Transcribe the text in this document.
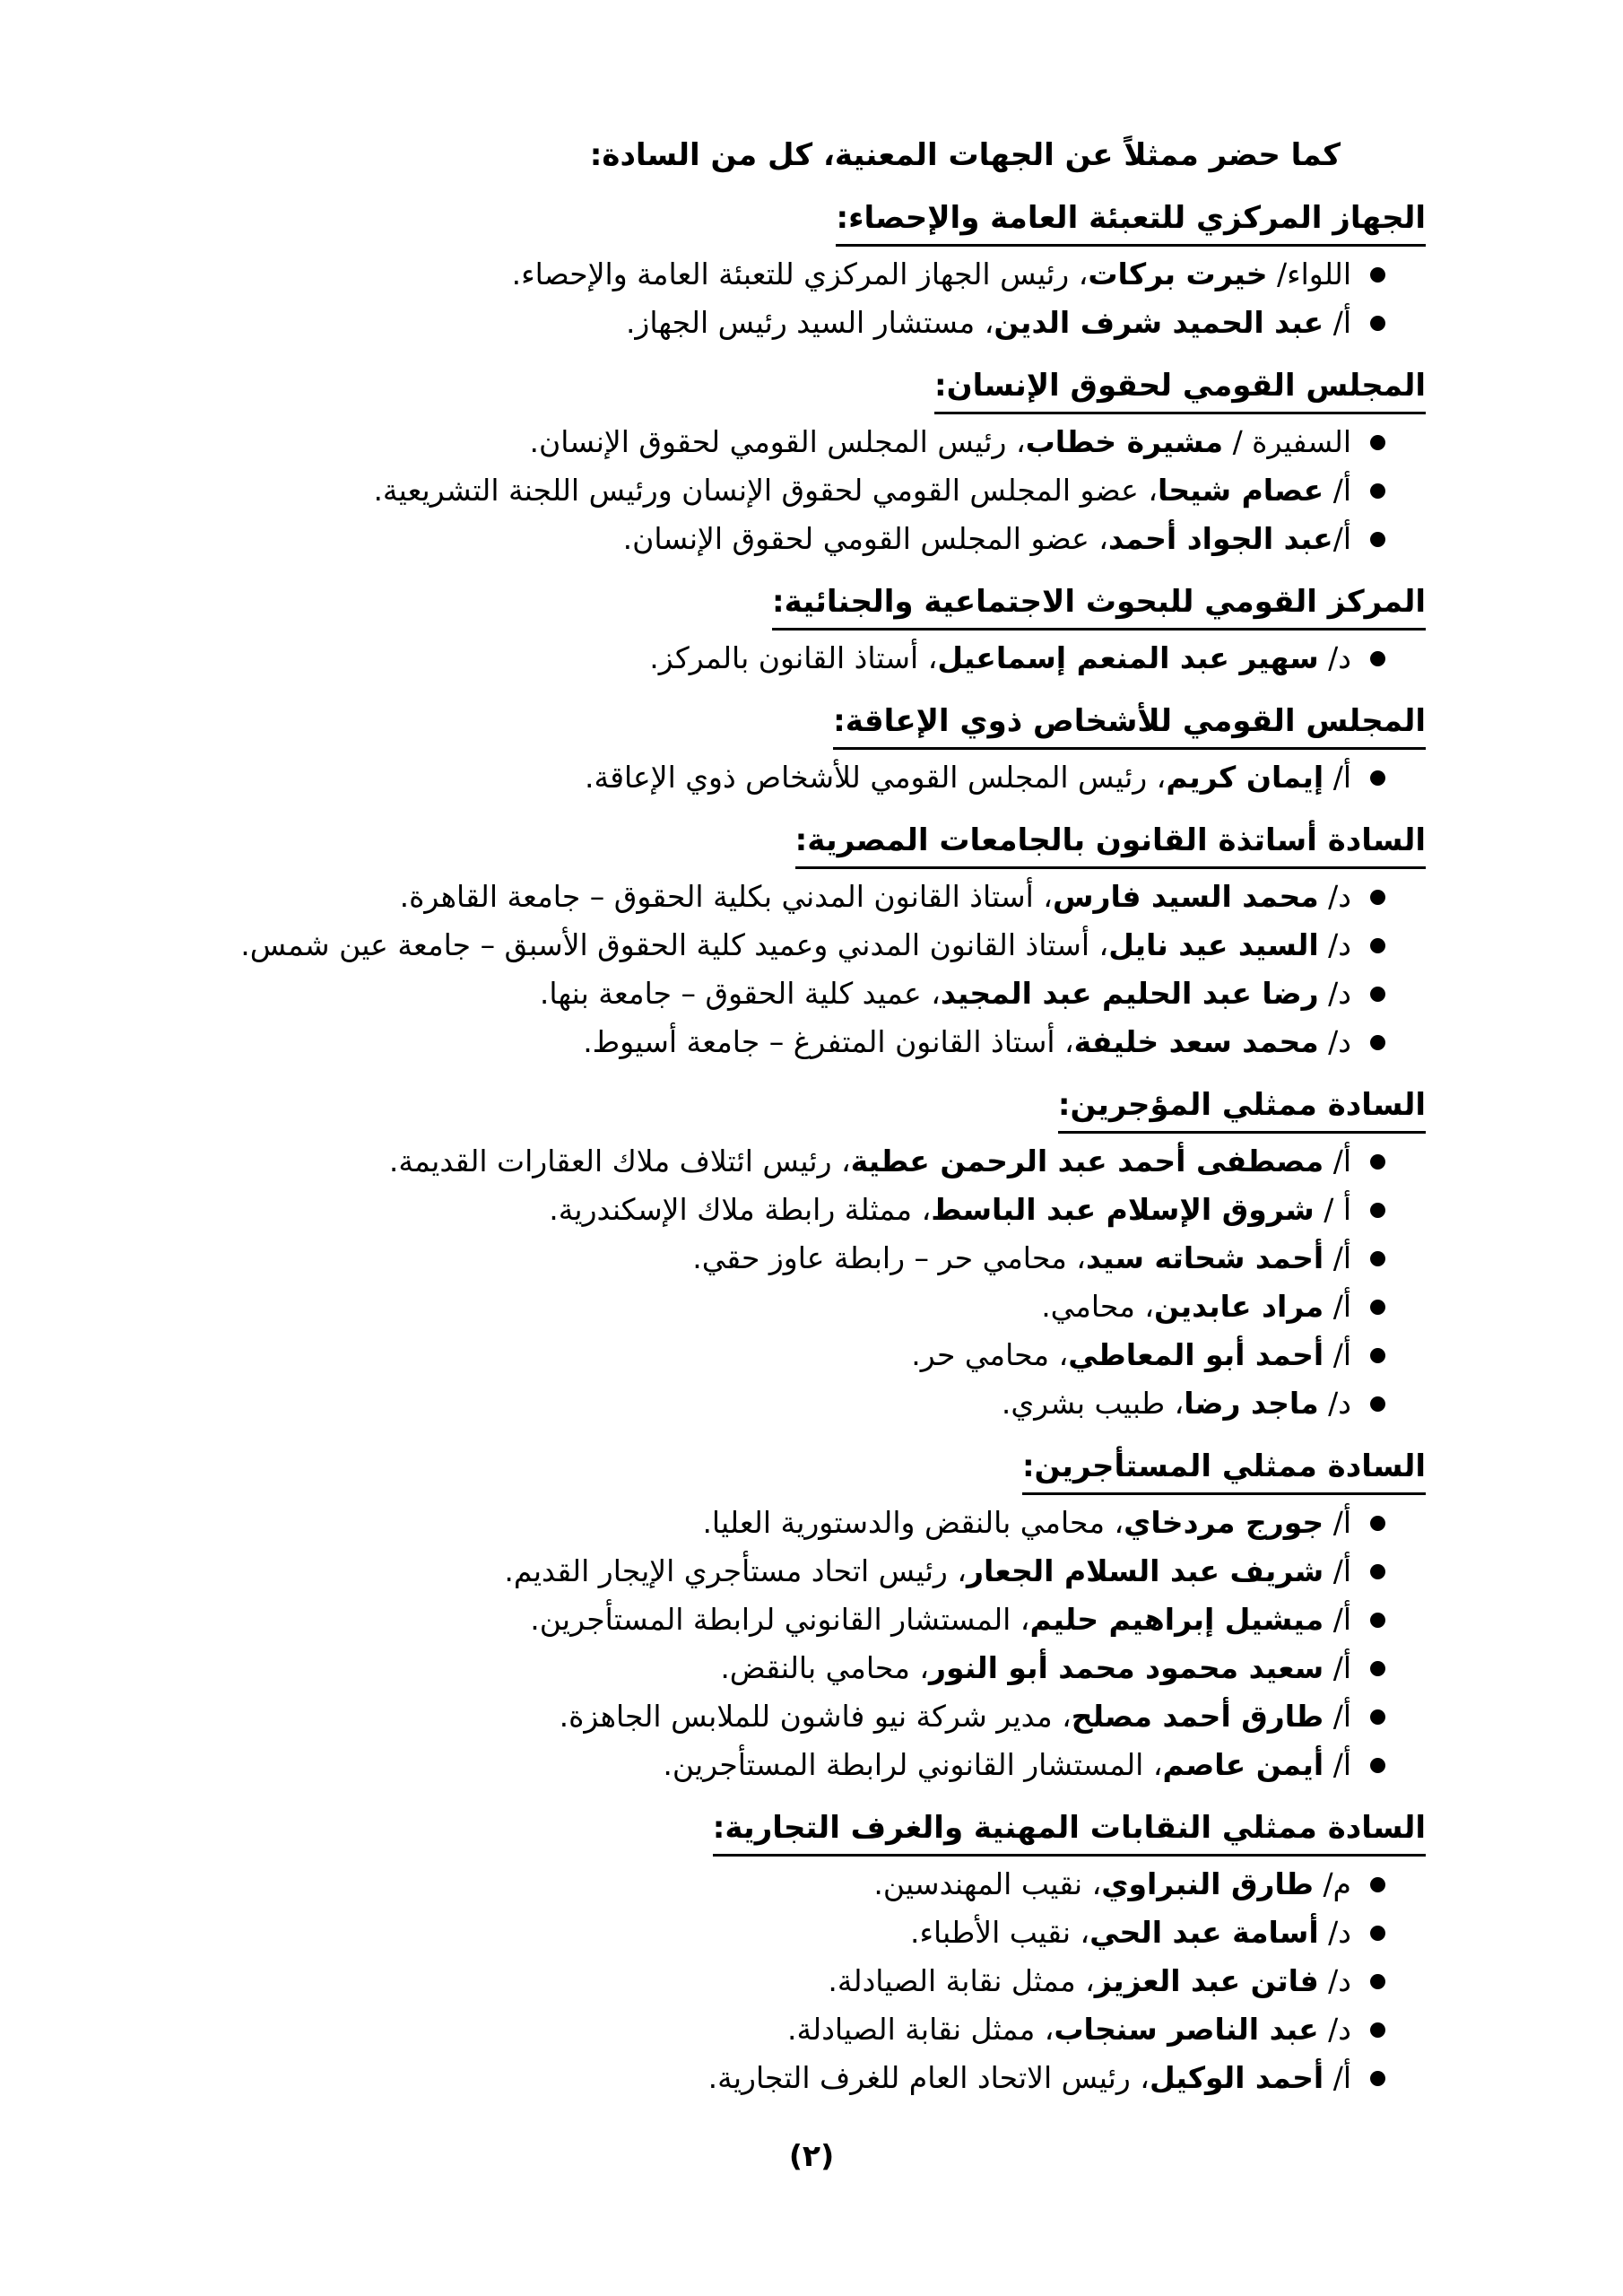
كما حضر ممثلاً عن الجهات المعنية، كل من السادة:
الجهاز المركزي للتعبئة العامة والإحصاء:
اللواء/ خيرت بركات، رئيس الجهاز المركزي للتعبئة العامة والإحصاء.
أ/ عبد الحميد شرف الدين، مستشار السيد رئيس الجهاز.
المجلس القومي لحقوق الإنسان:
السفيرة / مشيرة خطاب، رئيس المجلس القومي لحقوق الإنسان.
أ/ عصام شيحا، عضو المجلس القومي لحقوق الإنسان ورئيس اللجنة التشريعية.
أ/عبد الجواد أحمد، عضو المجلس القومي لحقوق الإنسان.
المركز القومي للبحوث الاجتماعية والجنائية:
د/ سهير عبد المنعم إسماعيل، أستاذ القانون بالمركز.
المجلس القومي للأشخاص ذوي الإعاقة:
أ/ إيمان كريم، رئيس المجلس القومي للأشخاص ذوي الإعاقة.
السادة أساتذة القانون بالجامعات المصرية:
د/ محمد السيد فارس، أستاذ القانون المدني بكلية الحقوق – جامعة القاهرة.
د/ السيد عيد نايل، أستاذ القانون المدني وعميد كلية الحقوق الأسبق – جامعة عين شمس.
د/ رضا عبد الحليم عبد المجيد، عميد كلية الحقوق – جامعة بنها.
د/ محمد سعد خليفة، أستاذ القانون المتفرغ – جامعة أسيوط.
السادة ممثلي المؤجرين:
أ/ مصطفى أحمد عبد الرحمن عطية، رئيس ائتلاف ملاك العقارات القديمة.
أ / شروق الإسلام عبد الباسط، ممثلة رابطة ملاك الإسكندرية.
أ/ أحمد شحاته سيد، محامي حر – رابطة عاوز حقي.
أ/ مراد عابدين، محامي.
أ/ أحمد أبو المعاطي، محامي حر.
د/ ماجد رضا، طبيب بشري.
السادة ممثلي المستأجرين:
أ/ جورج مردخاي، محامي بالنقض والدستورية العليا.
أ/ شريف عبد السلام الجعار، رئيس اتحاد مستأجري الإيجار القديم.
أ/ ميشيل إبراهيم حليم، المستشار القانوني لرابطة المستأجرين.
أ/ سعيد محمود محمد أبو النور، محامي بالنقض.
أ/ طارق أحمد مصلح، مدير شركة نيو فاشون للملابس الجاهزة.
أ/ أيمن عاصم، المستشار القانوني لرابطة المستأجرين.
السادة ممثلي النقابات المهنية والغرف التجارية:
م/ طارق النبراوي، نقيب المهندسين.
د/ أسامة عبد الحي، نقيب الأطباء.
د/ فاتن عبد العزيز، ممثل نقابة الصيادلة.
د/ عبد الناصر سنجاب، ممثل نقابة الصيادلة.
أ/ أحمد الوكيل، رئيس الاتحاد العام للغرف التجارية.
(٢)
